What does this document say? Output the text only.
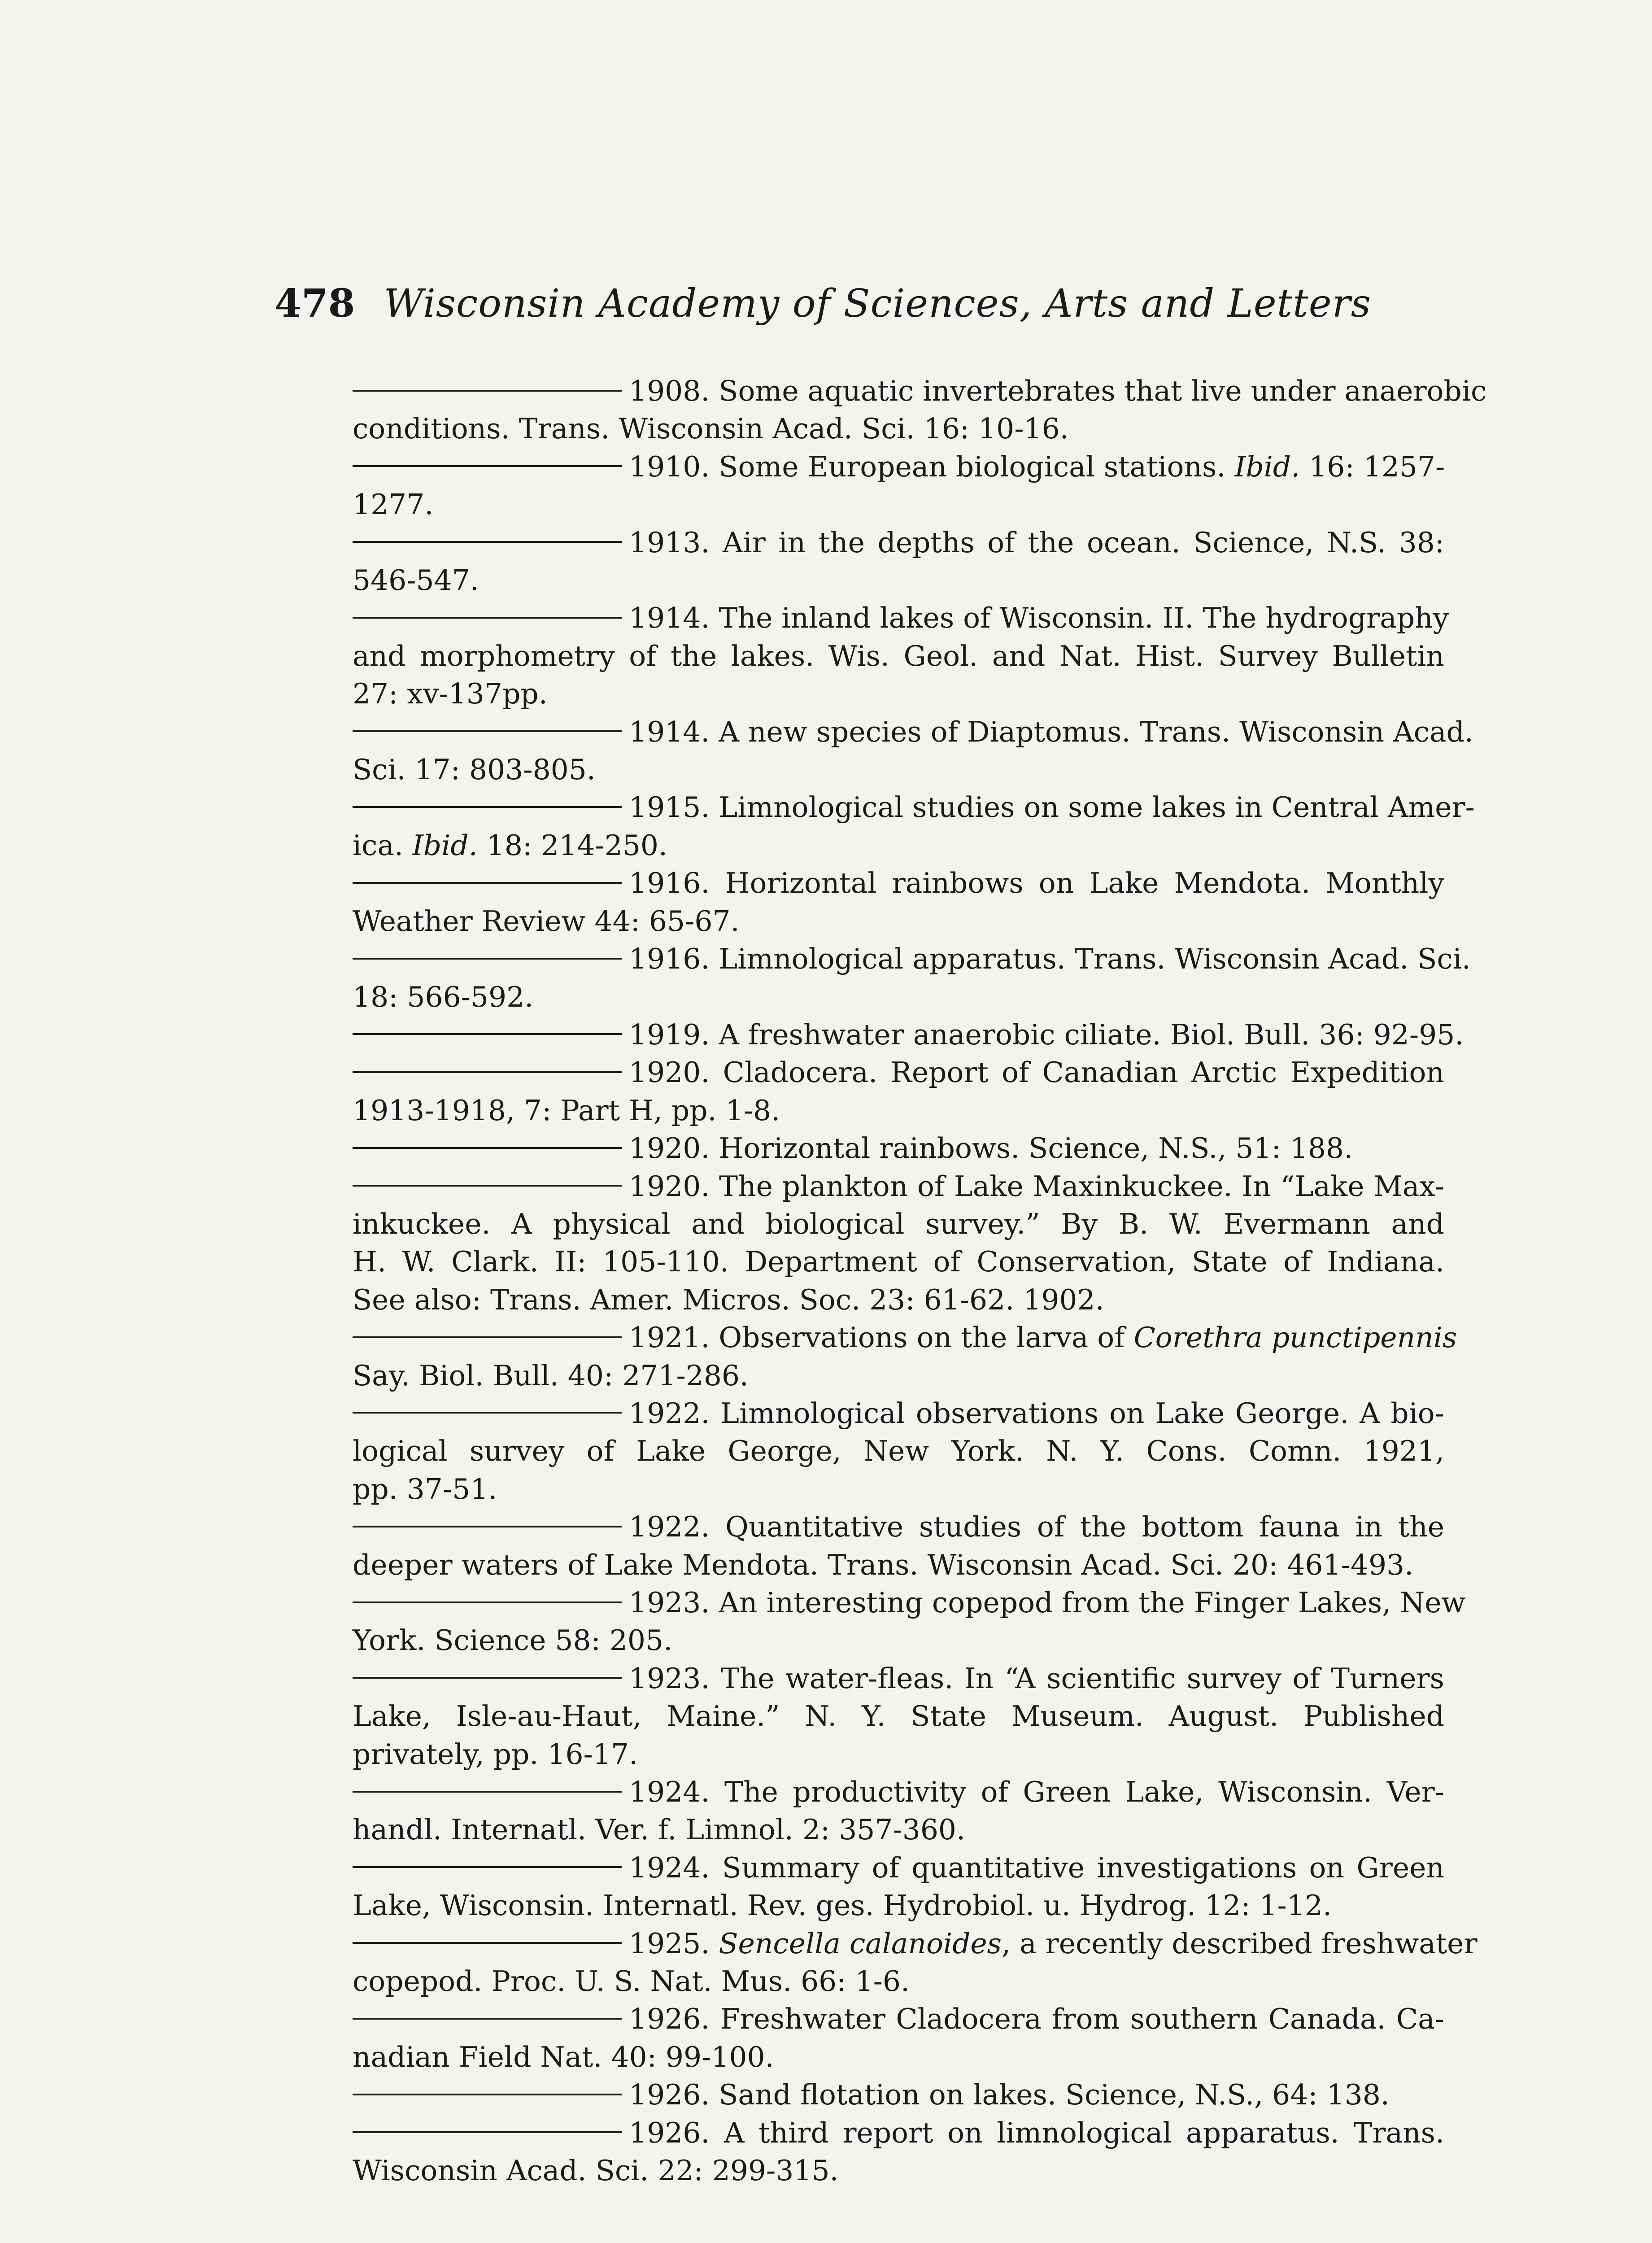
478 Wisconsin Academy of Sciences, Arts and Letters

1908. Some aquatic invertebrates that live under anaerobic
conditions. Trans. Wisconsin Acad. Sci. 16: 10-16.

1910. Some European biological stations. Ibid. 16: 1257-
1277.

1913. Air in the depths of the ocean. Science, N.S. 38:
546-547.

1914. The inland lakes of Wisconsin. II. The hydrography
and morphometry of the lakes. Wis. Geol. and Nat. Hist. Survey Bulletin
27: xv-137pp.

1914. A new species of Diaptomus. Trans. Wisconsin Acad.
Sci. 17: 803-805.

1915. Limnological studies on some lakes in Central Amer-
ica. Ibid. 18: 214-250.

1916. Horizontal rainbows on Lake Mendota. Monthly
Weather Review 44: 65-67.

1916. Limnological apparatus. Trans. Wisconsin Acad. Sci.
18: 566-592.

1919. A freshwater anaerobic ciliate. Biol. Bull. 36: 92-95.

1920. Cladocera. Report of Canadian Arctic Expedition
1913-1918, 7: Part H, pp. 1-8.

1920. Horizontal rainbows. Science, N.S., 51: 188.

1920. The plankton of Lake Maxinkuckee. In “Lake Max-
inkuckee. A physical and biological survey.” By B. W. Evermann and
H. W. Clark. II: 105-110. Department of Conservation, State of Indiana.
See also: Trans. Amer. Micros. Soc. 23: 61-62. 1902.

1921. Observations on the larva of Corethra punctipennis
Say. Biol. Bull. 40: 271-286.

1922. Limnological observations on Lake George. A bio-
logical survey of Lake George, New York. N. Y. Cons. Comn. 1921,
pp. 37-51.

1922. Quantitative studies of the bottom fauna in the
deeper waters of Lake Mendota. Trans. Wisconsin Acad. Sci. 20: 461-493.

1923. An interesting copepod from the Finger Lakes, New
York. Science 58: 205.

1923. The water-fleas. In “A scientific survey of Turners
Lake, Isle-au-Haut, Maine.” N. Y. State Museum. August. Published
privately, pp. 16-17.

1924. The productivity of Green Lake, Wisconsin. Ver-
handl. Internatl. Ver. f. Limnol. 2: 357-360.

1924. Summary of quantitative investigations on Green
Lake, Wisconsin. Internatl. Rev. ges. Hydrobiol. u. Hydrog. 12: 1-12.

1925. Sencella calanoides, a recently described freshwater
copepod. Proc. U. S. Nat. Mus. 66: 1-6.

1926. Freshwater Cladocera from southern Canada. Ca-
nadian Field Nat. 40: 99-100.

1926. Sand flotation on lakes. Science, N.S., 64: 138.

1926. A third report on limnological apparatus. Trans.
Wisconsin Acad. Sci. 22: 299-315.
